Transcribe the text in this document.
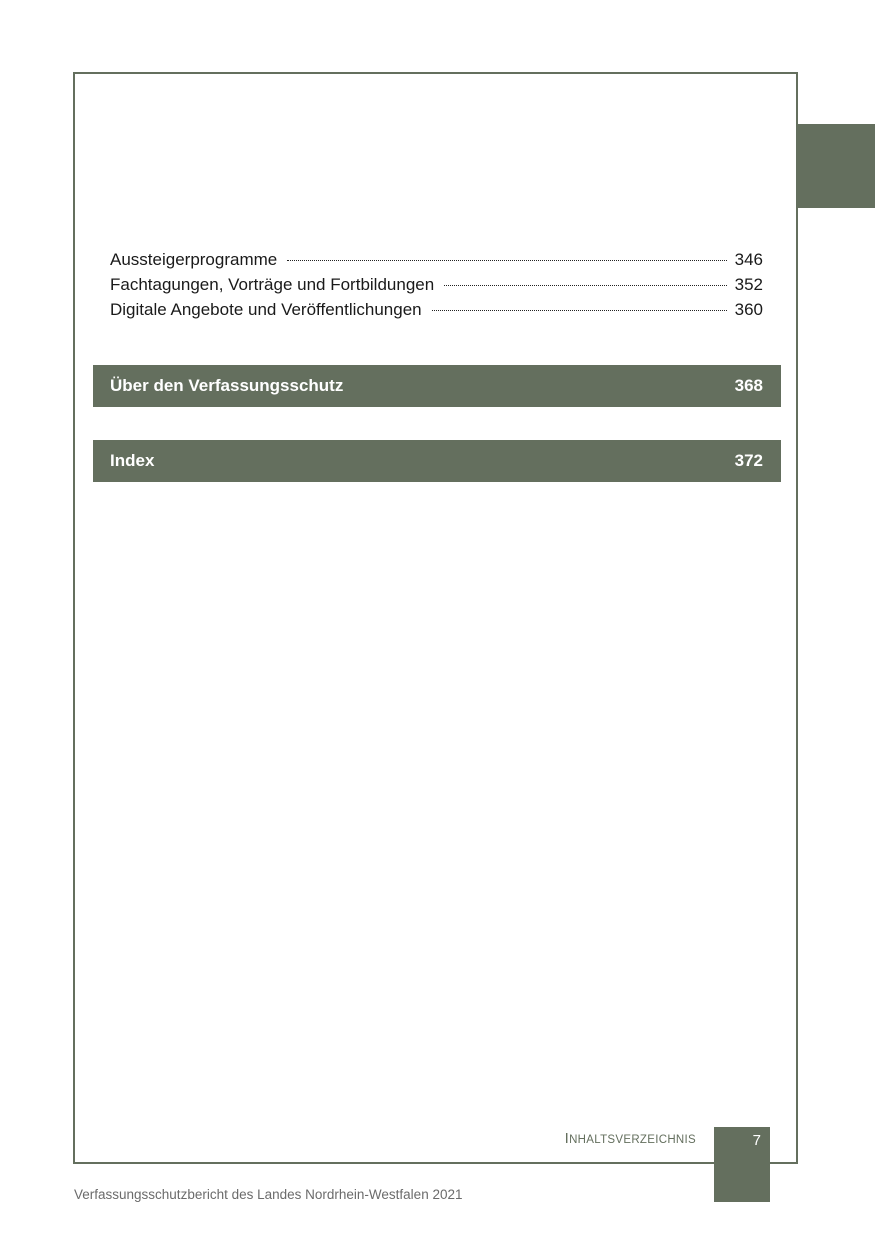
Aussteigerprogramme	346
Fachtagungen, Vorträge und Fortbildungen	352
Digitale Angebote und Veröffentlichungen	360
Über den Verfassungsschutz	368
Index	372
INHALTSVERZEICHNIS	7
Verfassungsschutzbericht des Landes Nordrhein-Westfalen 2021
